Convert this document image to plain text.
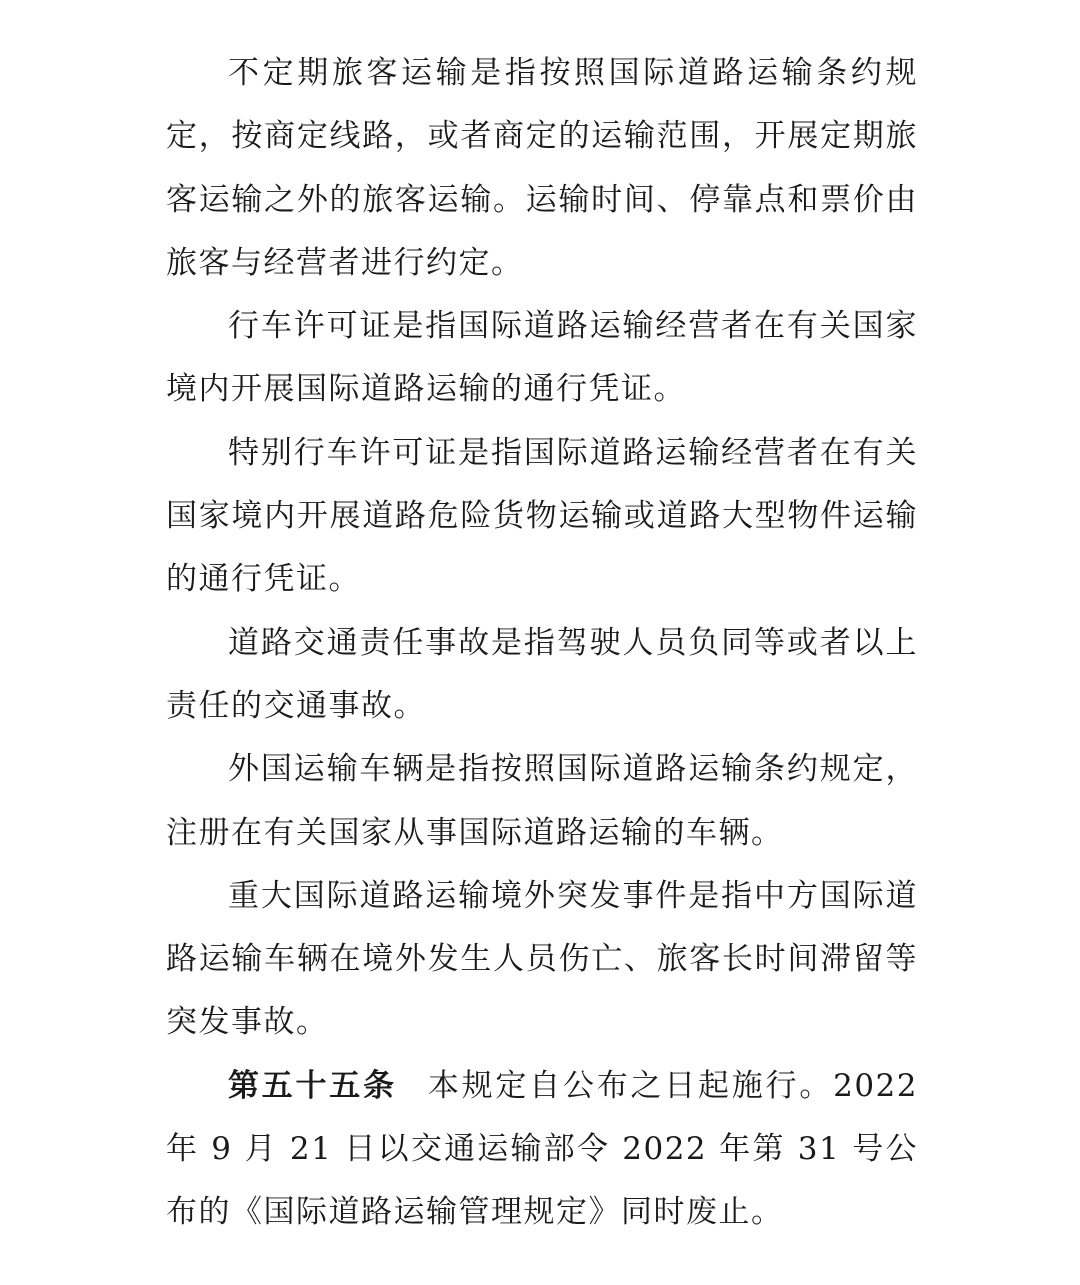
不定期旅客运输是指按照国际道路运输条约规定，按商定线路，或者商定的运输范围，开展定期旅客运输之外的旅客运输。运输时间、停靠点和票价由旅客与经营者进行约定。

行车许可证是指国际道路运输经营者在有关国家境内开展国际道路运输的通行凭证。

特别行车许可证是指国际道路运输经营者在有关国家境内开展道路危险货物运输或道路大型物件运输的通行凭证。

道路交通责任事故是指驾驶人员负同等或者以上责任的交通事故。

外国运输车辆是指按照国际道路运输条约规定，注册在有关国家从事国际道路运输的车辆。

重大国际道路运输境外突发事件是指中方国际道路运输车辆在境外发生人员伤亡、旅客长时间滞留等突发事故。

第五十五条 本规定自公布之日起施行。2022 年 9 月 21 日以交通运输部令 2022 年第 31 号公布的《国际道路运输管理规定》同时废止。
